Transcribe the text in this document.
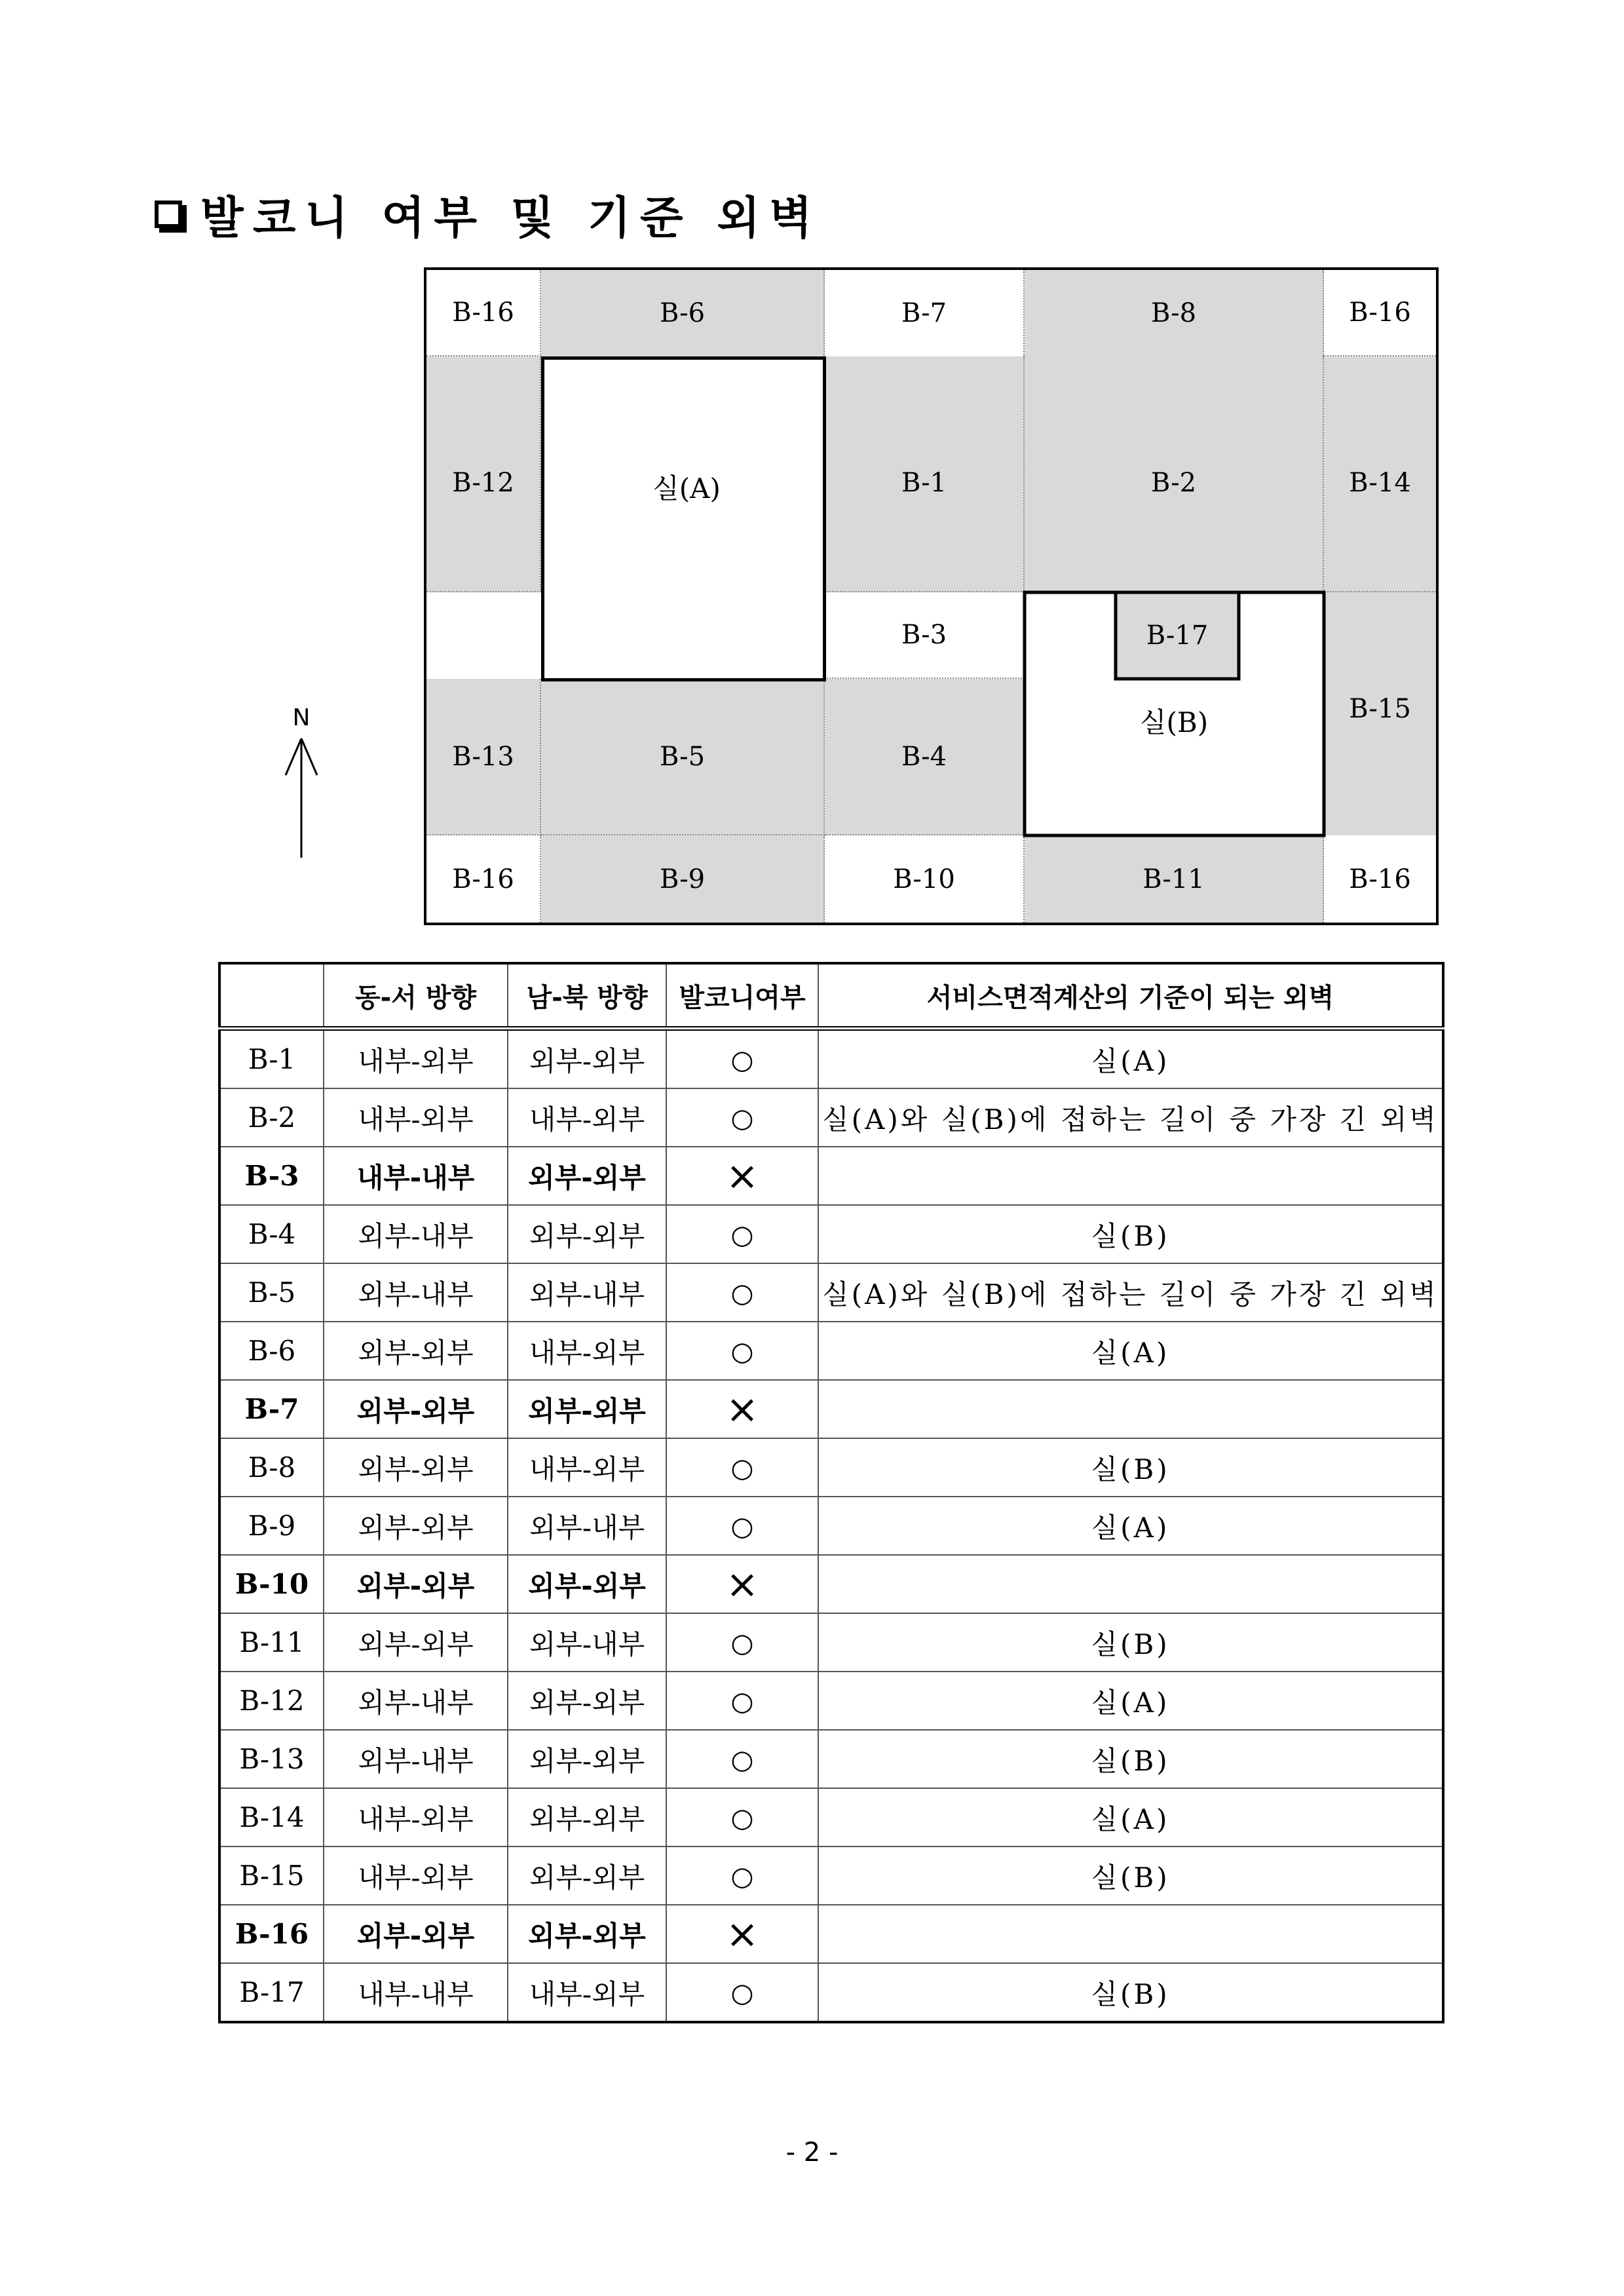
발코니 여부 및 기준 외벽
B-16	B-6	B-7	B-8	B-16
B-12	B-1	B-2	B-14
B-3
B-15
B-13	B-5	B-4
B-16	B-9	B-10	B-11	B-16
실(A)
B-17
실(B)
N
	동-서 방향	남-북 방향	발코니여부	서비스면적계산의 기준이 되는 외벽
B-1	내부-외부	외부-외부	○	실(A)
B-2	내부-외부	내부-외부	○	실(A)와 실(B)에 접하는 길이 중 가장 긴 외벽
B-3	내부-내부	외부-외부	×	
B-4	외부-내부	외부-외부	○	실(B)
B-5	외부-내부	외부-내부	○	실(A)와 실(B)에 접하는 길이 중 가장 긴 외벽
B-6	외부-외부	내부-외부	○	실(A)
B-7	외부-외부	외부-외부	×	
B-8	외부-외부	내부-외부	○	실(B)
B-9	외부-외부	외부-내부	○	실(A)
B-10	외부-외부	외부-외부	×	
B-11	외부-외부	외부-내부	○	실(B)
B-12	외부-내부	외부-외부	○	실(A)
B-13	외부-내부	외부-외부	○	실(B)
B-14	내부-외부	외부-외부	○	실(A)
B-15	내부-외부	외부-외부	○	실(B)
B-16	외부-외부	외부-외부	×	
B-17	내부-내부	내부-외부	○	실(B)
- 2 -
